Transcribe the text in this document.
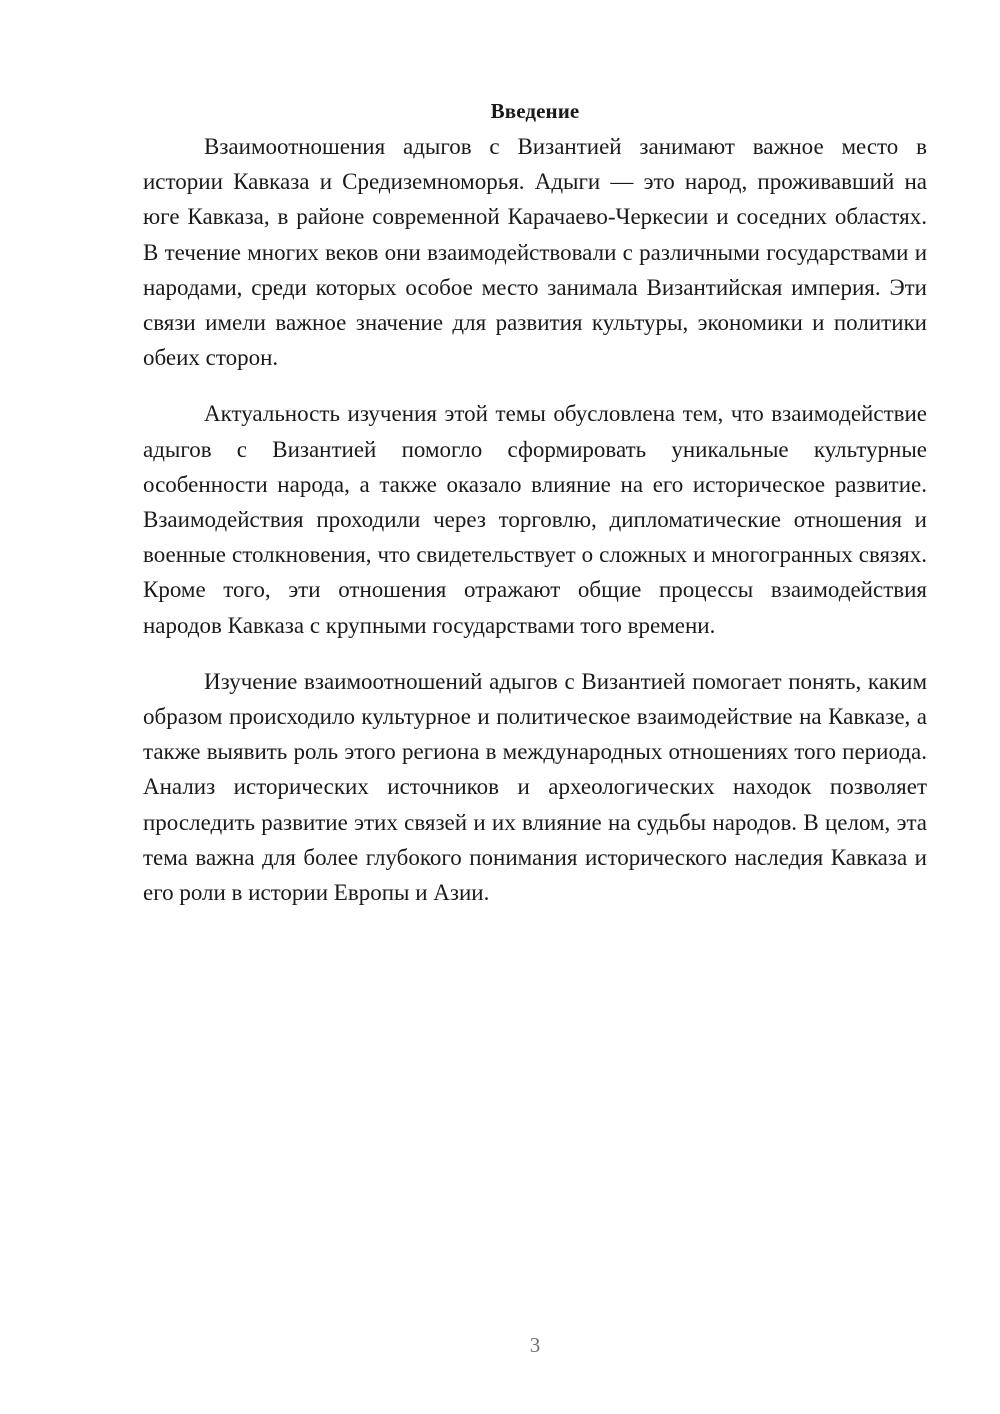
Введение

Взаимоотношения адыгов с Византией занимают важное место в истории Кавказа и Средиземноморья. Адыги — это народ, проживавший на юге Кавказа, в районе современной Карачаево-Черкесии и соседних областях. В течение многих веков они взаимодействовали с различными государствами и народами, среди которых особое место занимала Византийская империя. Эти связи имели важное значение для развития культуры, экономики и политики обеих сторон.

Актуальность изучения этой темы обусловлена тем, что взаимодействие адыгов с Византией помогло сформировать уникальные культурные особенности народа, а также оказало влияние на его историческое развитие. Взаимодействия проходили через торговлю, дипломатические отношения и военные столкновения, что свидетельствует о сложных и многогранных связях. Кроме того, эти отношения отражают общие процессы взаимодействия народов Кавказа с крупными государствами того времени.

Изучение взаимоотношений адыгов с Византией помогает понять, каким образом происходило культурное и политическое взаимодействие на Кавказе, а также выявить роль этого региона в международных отношениях того периода. Анализ исторических источников и археологических находок позволяет проследить развитие этих связей и их влияние на судьбы народов. В целом, эта тема важна для более глубокого понимания исторического наследия Кавказа и его роли в истории Европы и Азии.

3
